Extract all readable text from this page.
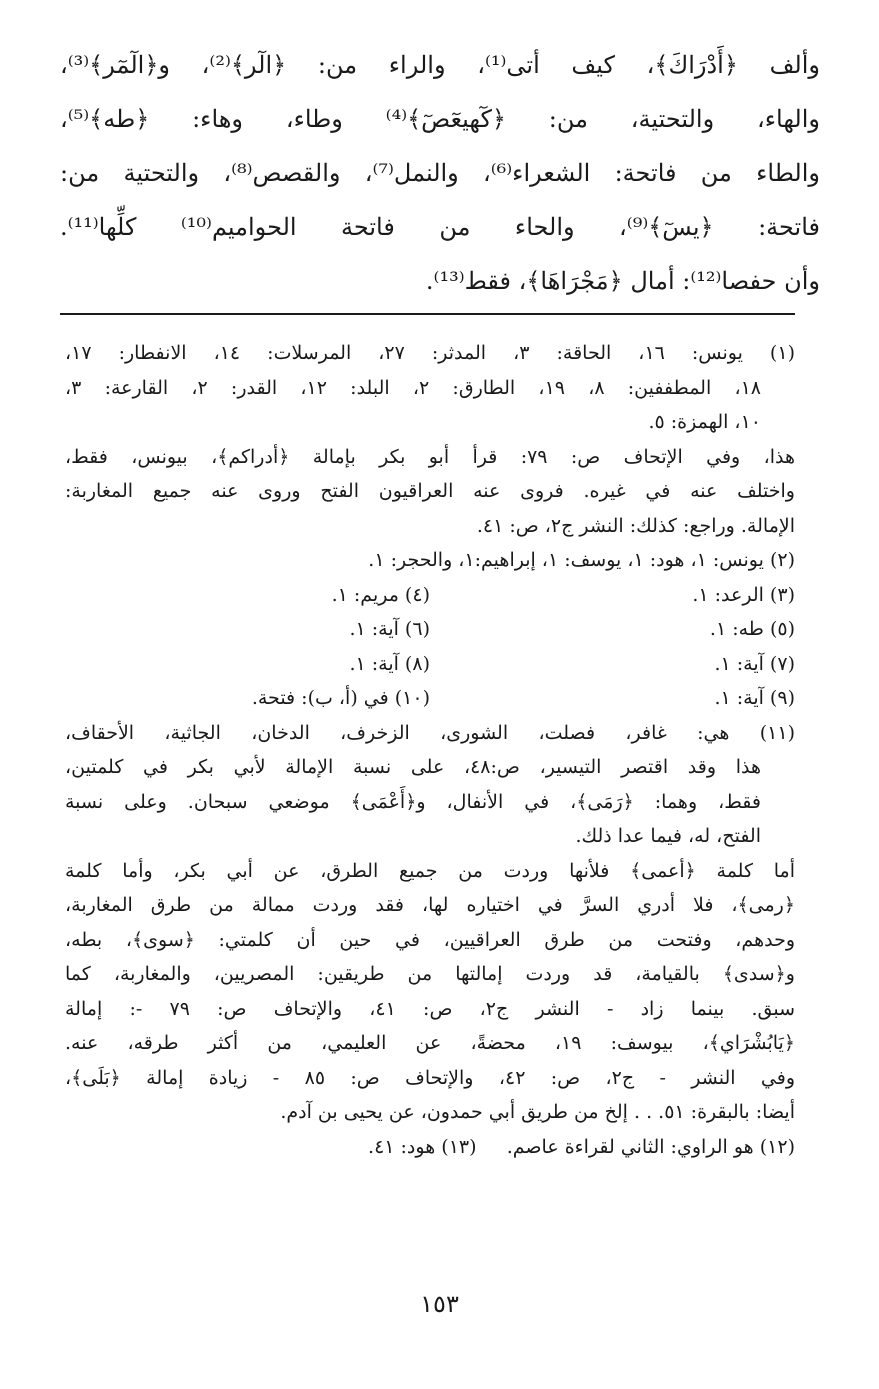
وألف ﴿أَدْرَاكَ﴾، كيف أتى⁽¹⁾، والراء من: ﴿الٓر﴾⁽²⁾، و﴿الٓمٓر﴾⁽³⁾،
والهاء، والتحتية، من: ﴿كٓهيعٓصٓ﴾⁽⁴⁾ وطاء، وهاء: ﴿طه﴾⁽⁵⁾،
والطاء من فاتحة: الشعراء⁽⁶⁾، والنمل⁽⁷⁾، والقصص⁽⁸⁾، والتحتية من:
فاتحة: ﴿يسٓ﴾⁽⁹⁾، والحاء من فاتحة الحواميم⁽¹⁰⁾ كلِّها⁽¹¹⁾.
وأن حفصا⁽¹²⁾: أمال ﴿مَجْرَاهَا﴾، فقط⁽¹³⁾.
(١) يونس: ١٦، الحاقة: ٣، المدثر: ٢٧، المرسلات: ١٤، الانفطار: ١٧،
١٨، المطففين: ٨، ١٩، الطارق: ٢، البلد: ١٢، القدر: ٢، القارعة: ٣،
١٠، الهمزة: ٥.
هذا، وفي الإتحاف ص: ٧٩: قرأ أبو بكر بإمالة ﴿أدراكم﴾، بيونس، فقط،
واختلف عنه في غيره. فروى عنه العراقيون الفتح وروى عنه جميع المغاربة:
الإمالة. وراجع: كذلك: النشر ج٢، ص: ٤١.
(٢) يونس: ١، هود: ١، يوسف: ١، إبراهيم:١، والحجر: ١.
(٣) الرعد: ١.
(٤) مريم: ١.
(٥) طه: ١.
(٦) آية: ١.
(٧) آية: ١.
(٨) آية: ١.
(٩) آية: ١.
(١٠) في (أ، ب): فتحة.
(١١) هي: غافر، فصلت، الشورى، الزخرف، الدخان، الجاثية، الأحقاف،
هذا وقد اقتصر التيسير، ص:٤٨، على نسبة الإمالة لأبي بكر في كلمتين،
فقط، وهما: ﴿رَمَى﴾، في الأنفال، و﴿أَعْمَى﴾ موضعي سبحان. وعلى نسبة
الفتح، له، فيما عدا ذلك.
أما كلمة ﴿أعمى﴾ فلأنها وردت من جميع الطرق، عن أبي بكر، وأما كلمة
﴿رمى﴾، فلا أدري السرَّ في اختياره لها، فقد وردت ممالة من طرق المغاربة،
وحدهم، وفتحت من طرق العراقيين، في حين أن كلمتي: ﴿سوى﴾، بطه،
و﴿سدى﴾ بالقيامة، قد وردت إمالتها من طريقين: المصريين، والمغاربة، كما
سبق. بينما زاد - النشر ج٢، ص: ٤١، والإتحاف ص: ٧٩ -: إمالة
﴿يَابُشْرَاي﴾، بيوسف: ١٩، محضةً، عن العليمي، من أكثر طرقه، عنه.
وفي النشر - ج٢، ص: ٤٢، والإتحاف ص: ٨٥ - زيادة إمالة ﴿بَلَى﴾،
أيضا: بالبقرة: ٥١. . . إلخ من طريق أبي حمدون، عن يحيى بن آدم.
(١٢) هو الراوي: الثاني لقراءة عاصم.     (١٣) هود: ٤١.
١٥٣
